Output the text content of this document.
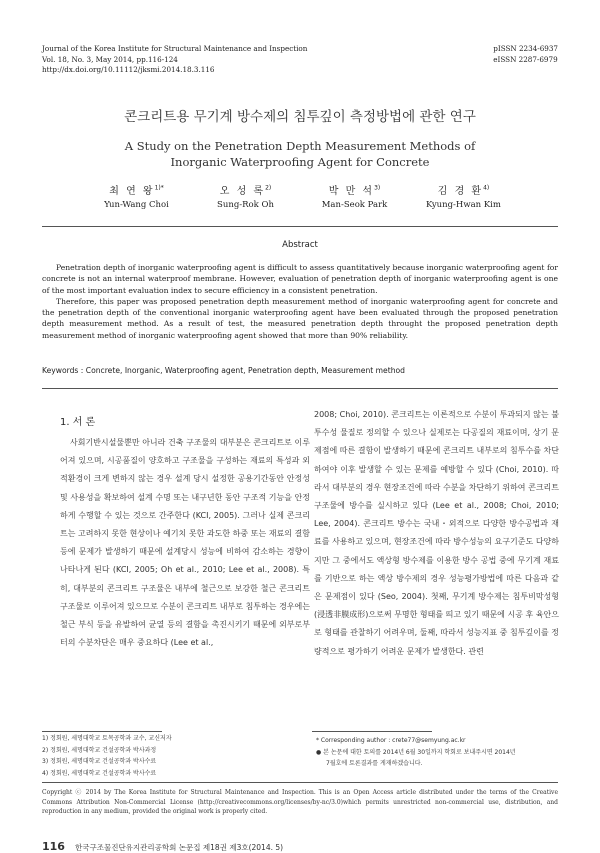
Journal of the Korea Institute for Structural Maintenance and Inspection
Vol. 18, No. 3, May 2014, pp.116-124
http://dx.doi.org/10.11112/jksmi.2014.18.3.116
pISSN 2234-6937
eISSN 2287-6979
콘크리트용 무기계 방수제의 침투깊이 측정방법에 관한 연구
A Study on the Penetration Depth Measurement Methods of
Inorganic Waterproofing Agent for Concrete
최 연 왕$^{1)*}$
Yun-Wang Choi
오 성 록$^{2)}$
Sung-Rok Oh
박 만 석$^{3)}$
Man-Seok Park
김 경 환$^{4)}$
Kyung-Hwan Kim
Abstract

Penetration depth of inorganic waterproofing agent is difficult to assess quantitatively because inorganic waterproofing agent for concrete is not an internal waterproof membrane. However, evaluation of penetration depth of inorganic waterproofing agent is one of the most important evaluation index to secure efficiency in a consistent penetration.

Therefore, this paper was proposed penetration depth measurement method of inorganic waterproofing agent for concrete and the penetration depth of the conventional inorganic waterproofing agent have been evaluated through the proposed penetration depth measurement method. As a result of test, the measured penetration depth throught the proposed penetration depth measurement method of inorganic waterproofing agent showed that more than 90% reliability.

Keywords : Concrete, Inorganic, Waterproofing agent, Penetration depth, Measurement method
1. 서 론

사회기반시설물뿐만 아니라 건축 구조물의 대부분은 콘크리트로 이루어져 있으며, 시공품질이 양호하고 구조물을 구성하는 재료의 특성과 외적환경이 크게 변하지 않는 경우 설계 당시 설정한 공용기간동안 안정성 및 사용성을 확보하여 설계 수명 또는 내구년한 동안 구조적 기능을 안정하게 수행할 수 있는 것으로 간주한다 (KCI, 2005). 그러나 실제 콘크리트는 고려하지 못한 현상이나 예기치 못한 과도한 하중 또는 재료의 결함 등에 문제가 발생하기 때문에 설계당시 성능에 비하여 감소하는 경향이 나타나게 된다 (KCI, 2005; Oh et al., 2010; Lee et al., 2008). 특히, 대부분의 콘크리트 구조물은 내부에 철근으로 보강한 철근 콘크리트 구조물로 이루어져 있으므로 수분이 콘크리트 내부로 침투하는 경우에는 철근 부식 등을 유발하여 균열 등의 결함을 촉진시키기 때문에 외부로부터의 수분차단은 매우 중요하다 (Lee et al.,

2008; Choi, 2010). 콘크리트는 이론적으로 수분이 투과되지 않는 불투수성 물질로 정의할 수 있으나 실제로는 다공질의 재료이며, 상기 문제점에 따른 결함이 발생하기 때문에 콘크리트 내부로의 침투수를 차단하여야 이후 발생할 수 있는 문제를 예방할 수 있다 (Choi, 2010). 따라서 대부분의 경우 현장조건에 따라 수분을 차단하기 위하여 콘크리트 구조물에 방수를 실시하고 있다 (Lee et al., 2008; Choi, 2010; Lee, 2004). 콘크리트 방수는 국내・외적으로 다양한 방수공법과 재료를 사용하고 있으며, 현장조건에 따라 방수성능의 요구기준도 다양하지만 그 중에서도 액상형 방수제를 이용한 방수 공법 중에 무기계 재료를 기반으로 하는 액상 방수제의 경우 성능평가방법에 따른 다음과 같은 문제점이 있다 (Seo, 2004). 첫째, 무기계 방수제는 침투비막성형 (浸透非膜成形)으로써 무명한 형태를 띄고 있기 때문에 시공 후 육안으로 형태를 관찰하기 어려우며, 둘째, 따라서 성능지표 중 침투깊이를 정량적으로 평가하기 어려운 문제가 발생한다. 관련

1) 정회원, 세명대학교 토목공학과 교수, 교신저자
2) 정회원, 세명대학교 건설공학과 박사과정
3) 정회원, 세명대학교 건설공학과 박사수료
4) 정회원, 세명대학교 건설공학과 박사수료
* Corresponding author : crete77@semyung.ac.kr
● 본 논문에 대한 토의를 2014년 6월 30일까지 학회로 보내주시면 2014년
7월호에 토론결과를 게재하겠습니다.
Copyright ⓒ 2014 by The Korea Institute for Structural Maintenance and Inspection. This is an Open Access article distributed under the terms of the Creative Commons Attribution Non-Commercial License (http://creativecommons.org/licenses/by-nc/3.0)which permits unrestricted non-commercial use, distribution, and reproduction in any medium, provided the original work is properly cited.
116 한국구조물진단유지관리공학회 논문집 제18권 제3호(2014. 5)
